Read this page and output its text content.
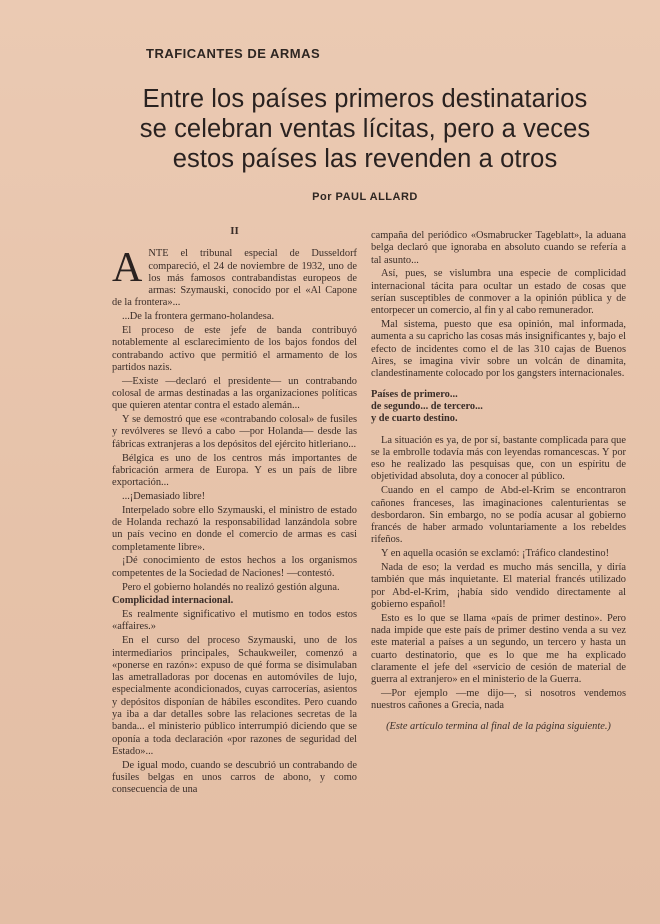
TRAFICANTES DE ARMAS
Entre los países primeros destinatarios
se celebran ventas lícitas, pero a veces
estos países las revenden a otros
Por PAUL ALLARD
II
A NTE el tribunal especial de Dusseldorf compareció, el 24 de noviembre de 1932, uno de los más famosos contrabandistas europeos de armas: Szymauski, conocido por el «Al Capone de la frontera»...

...De la frontera germano-holandesa.

El proceso de este jefe de banda contribuyó notablemente al esclarecimiento de los bajos fondos del contrabando activo que permitió el armamento de los partidos nazis.

—Existe —declaró el presidente— un contrabando colosal de armas destinadas a las organizaciones políticas que quieren atentar contra el estado alemán...

Y se demostró que ese «contrabando colosal» de fusiles y revólveres se llevó a cabo —por Holanda— desde las fábricas extranjeras a los depósitos del ejército hitleriano...

Bélgica es uno de los centros más importantes de fabricación armera de Europa. Y es un país de libre exportación...

...¡Demasiado libre!

Interpelado sobre ello Szymauski, el ministro de estado de Holanda rechazó la responsabilidad lanzándola sobre un país vecino en donde el comercio de armas es casi completamente libre».

¡Dé conocimiento de estos hechos a los organismos competentes de la Sociedad de Naciones! —contestó.

Pero el gobierno holandés no realizó gestión alguna.

Complicidad internacional.

Es realmente significativo el mutismo en todos estos «affaires.»

En el curso del proceso Szymauski, uno de los intermediarios principales, Schaukweiler, comenzó a «ponerse en razón»: expuso de qué forma se disimulaban las ametralladoras por docenas en automóviles de lujo, especialmente acondicionados, cuyas carrocerías, asientos y depósitos disponían de hábiles escondites. Pero cuando ya iba a dar detalles sobre las relaciones secretas de la banda... el ministerio público interrumpió diciendo que se oponía a toda declaración «por razones de seguridad del Estado»...

De igual modo, cuando se descubrió un contrabando de fusiles belgas en unos carros de abono, y como consecuencia de una

campaña del periódico «Osmabrucker Tageblatt», la aduana belga declaró que ignoraba en absoluto cuando se refería a tal asunto...

Así, pues, se vislumbra una especie de complicidad internacional tácita para ocultar un estado de cosas que serían susceptibles de conmover a la opinión pública y de entorpecer un comercio, al fin y al cabo remunerador.

Mal sistema, puesto que esa opinión, mal informada, aumenta a su capricho las cosas más insignificantes y, bajo el efecto de incidentes como el de las 310 cajas de Buenos Aires, se imagina vivir sobre un volcán de dinamita, clandestinamente colocado por los gangsters internacionales.

Países de primero...
de segundo... de tercero...
y de cuarto destino.

La situación es ya, de por sí, bastante complicada para que se la embrolle todavía más con leyendas romancescas. Y por eso he realizado las pesquisas que, con un espíritu de objetividad absoluta, doy a conocer al público.

Cuando en el campo de Abd-el-Krim se encontraron cañones franceses, las imaginaciones calenturientas se desbordaron. Sin embargo, no se podía acusar al gobierno francés de haber armado voluntariamente a los rebeldes rifeños.

Y en aquella ocasión se exclamó: ¡Tráfico clandestino!

Nada de eso; la verdad es mucho más sencilla, y diría también que más inquietante. El material francés utilizado por Abd-el-Krim, ¡había sido vendido directamente al gobierno español!

Esto es lo que se llama «país de primer destino». Pero nada impide que este país de primer destino venda a su vez este material a países a un segundo, un tercero y hasta un cuarto destinatorio, que es lo que me ha explicado claramente el jefe del «servicio de cesión de material de guerra al extranjero» en el ministerio de la Guerra.

—Por ejemplo —me dijo—, si nosotros vendemos nuestros cañones a Grecia, nada

(Este artículo termina al final de la página siguiente.)
